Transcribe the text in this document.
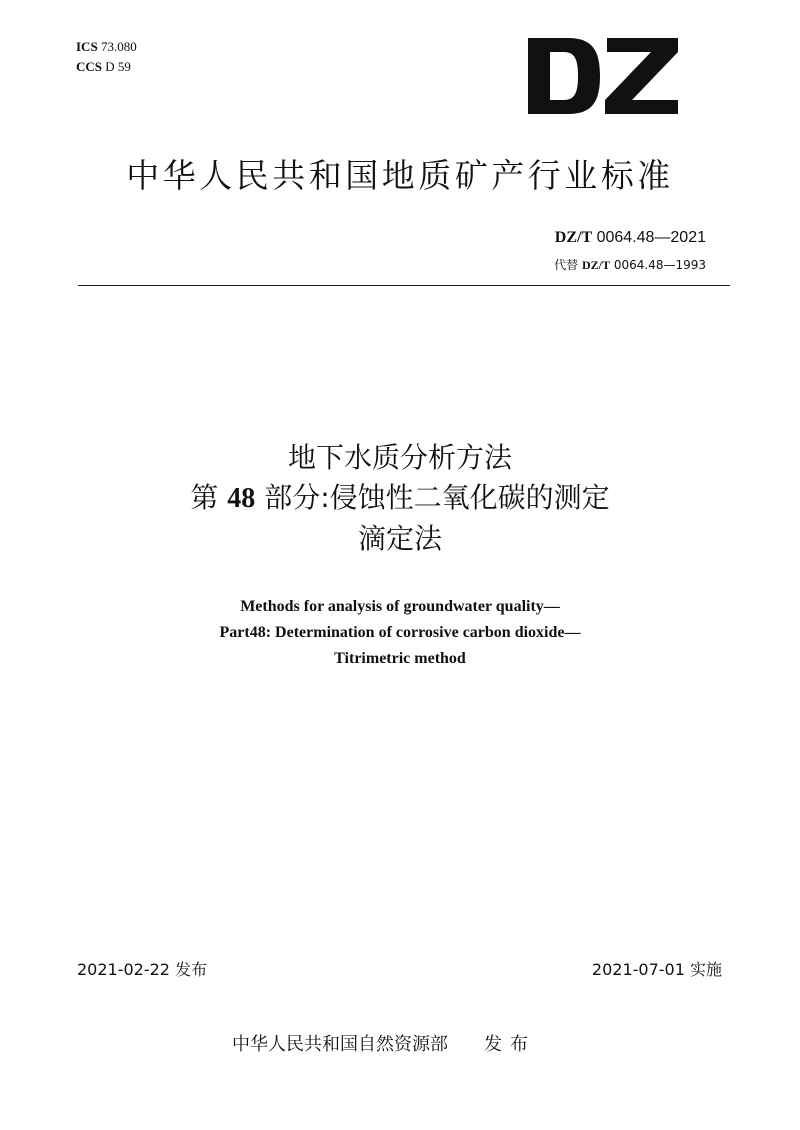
ICS 73.080
CCS D 59
中华人民共和国地质矿产行业标准
DZ/T 0064.48—2021
代替 DZ/T 0064.48—1993
地下水质分析方法
第 48 部分:侵蚀性二氧化碳的测定
滴定法
Methods for analysis of groundwater quality—
Part48: Determination of corrosive carbon dioxide—
Titrimetric method
2021-02-22 发布	2021-07-01 实施
中华人民共和国自然资源部 发布
